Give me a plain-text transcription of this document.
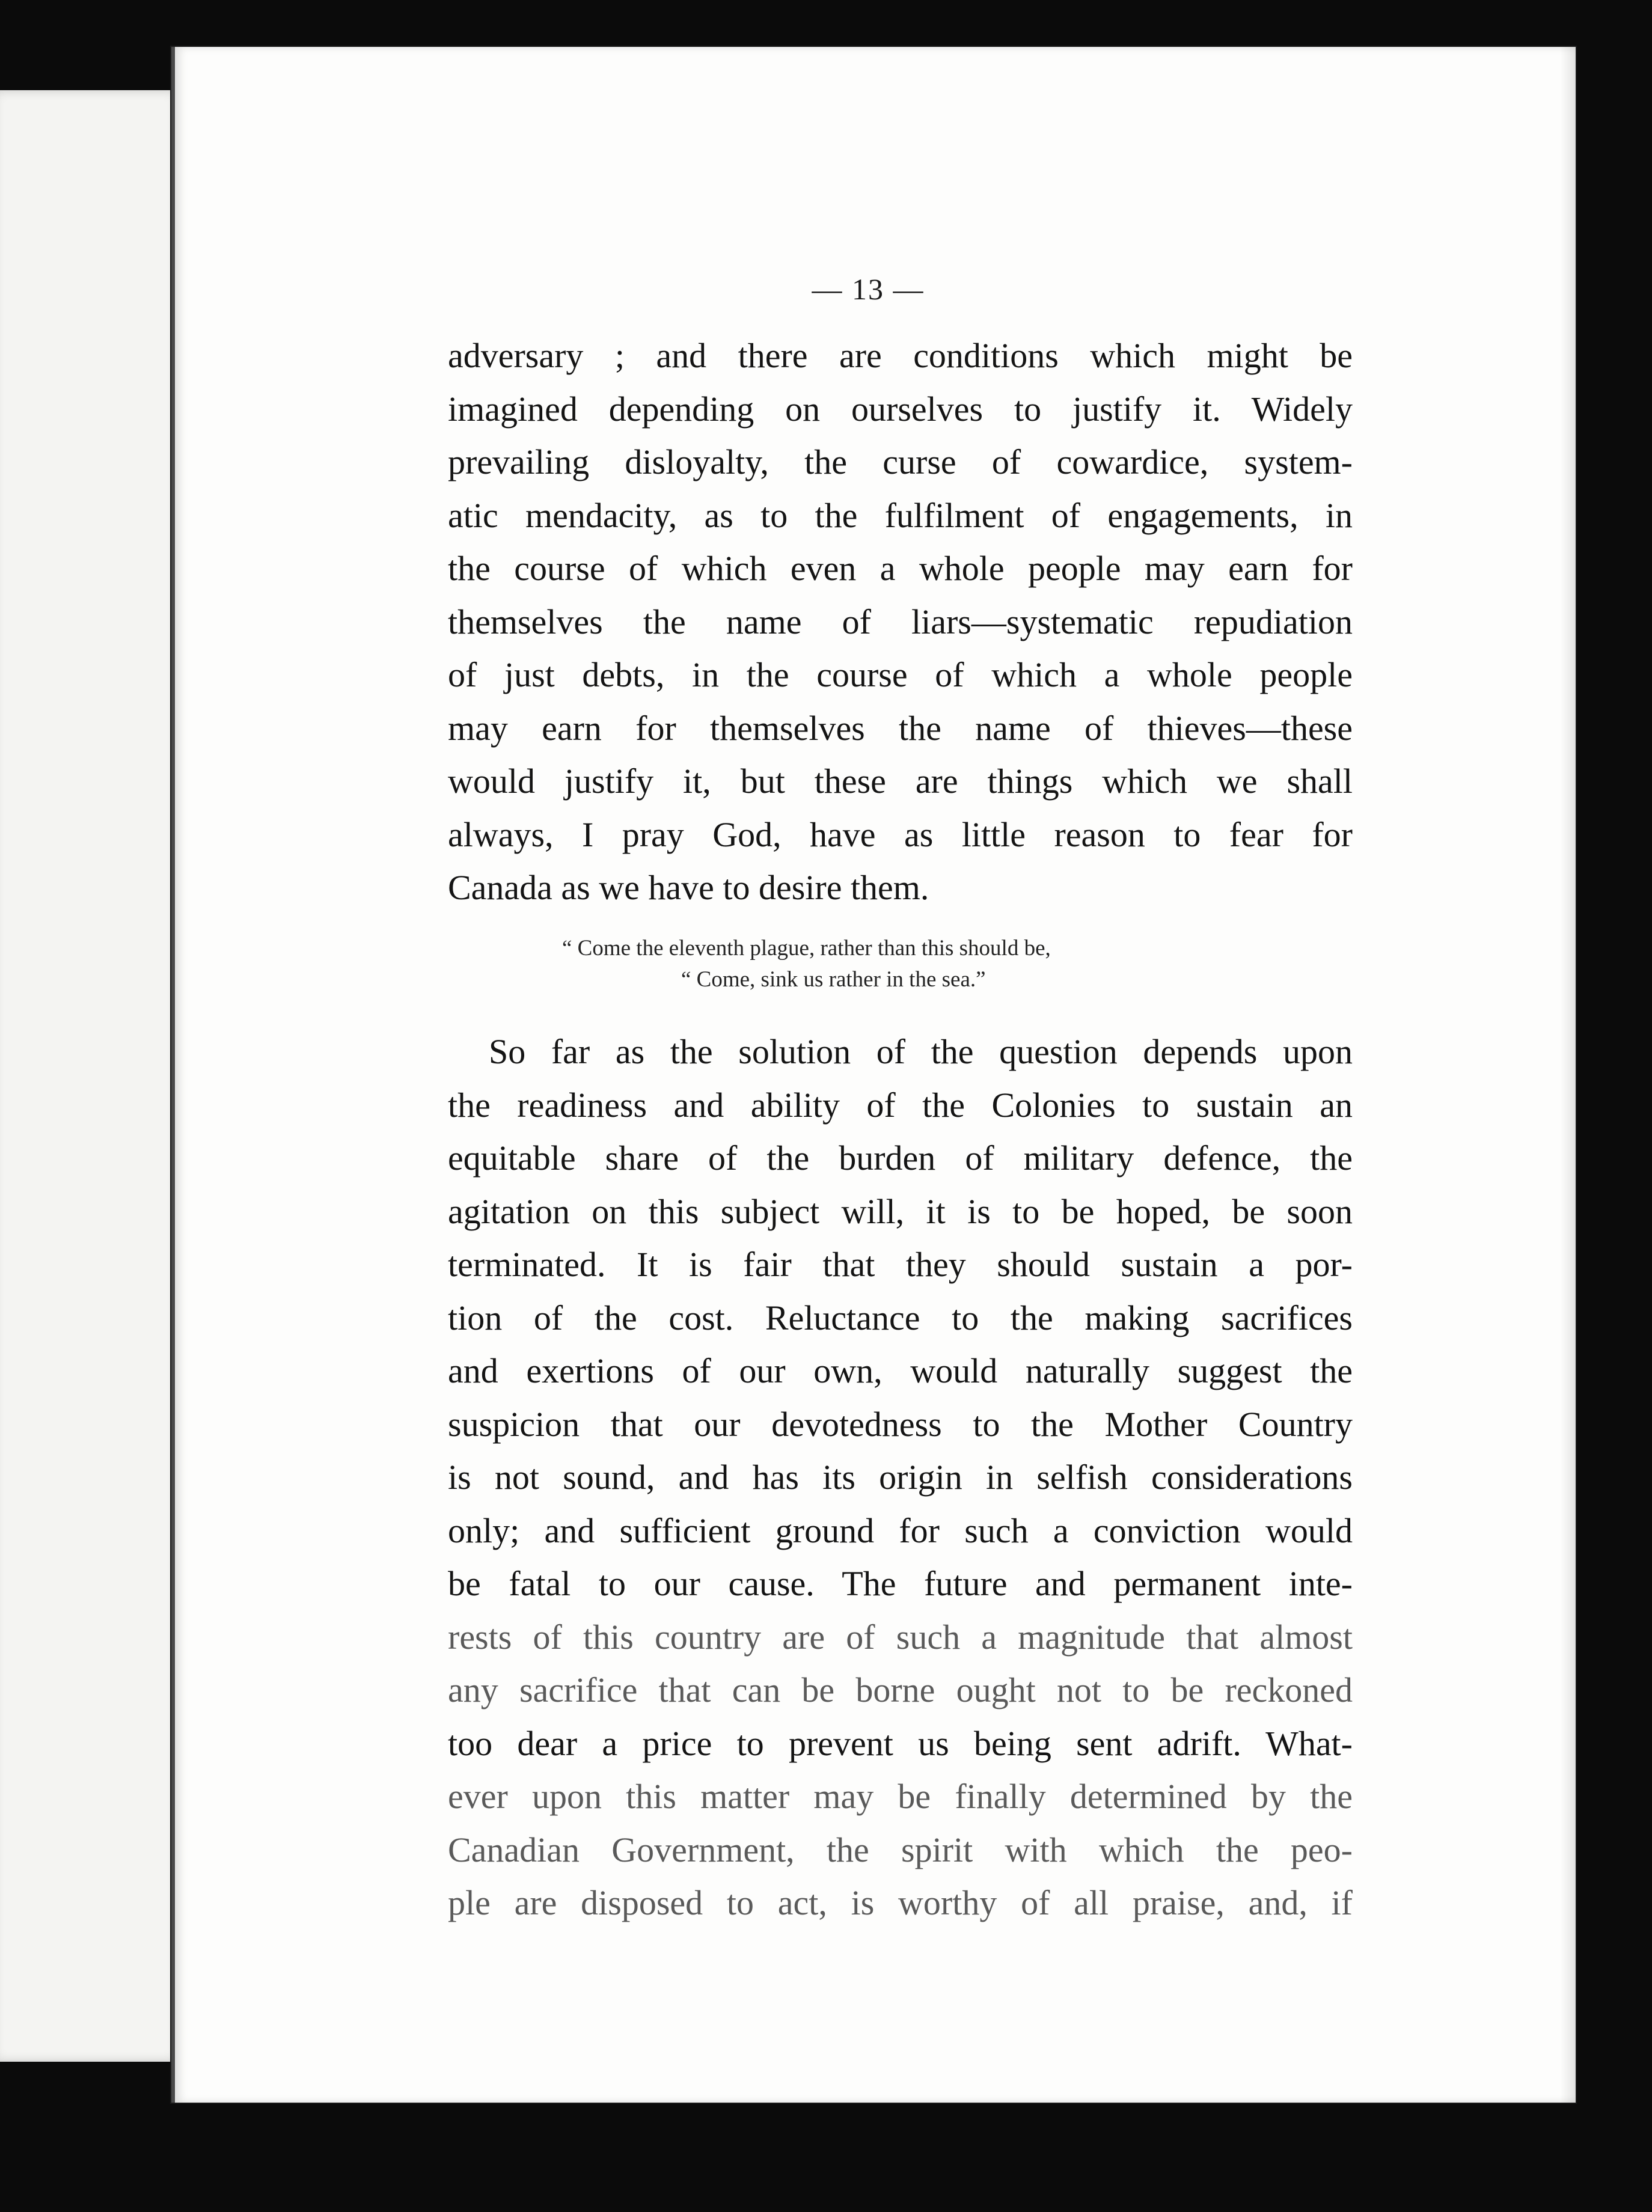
— 13 —
adversary ; and there are conditions which might be
imagined depending on ourselves to justify it. Widely
prevailing disloyalty, the curse of cowardice, system-
atic mendacity, as to the fulfilment of engagements, in
the course of which even a whole people may earn for
themselves the name of liars—systematic repudiation
of just debts, in the course of which a whole people
may earn for themselves the name of thieves—these
would justify it, but these are things which we shall
always, I pray God, have as little reason to fear for
Canada as we have to desire them.
“ Come the eleventh plague, rather than this should be,
“ Come, sink us rather in the sea.”
So far as the solution of the question depends upon
the readiness and ability of the Colonies to sustain an
equitable share of the burden of military defence, the
agitation on this subject will, it is to be hoped, be soon
terminated. It is fair that they should sustain a por-
tion of the cost. Reluctance to the making sacrifices
and exertions of our own, would naturally suggest the
suspicion that our devotedness to the Mother Country
is not sound, and has its origin in selfish considerations
only; and sufficient ground for such a conviction would
be fatal to our cause. The future and permanent inte-
rests of this country are of such a magnitude that almost
any sacrifice that can be borne ought not to be reckoned
too dear a price to prevent us being sent adrift. What-
ever upon this matter may be finally determined by the
Canadian Government, the spirit with which the peo-
ple are disposed to act, is worthy of all praise, and, if
